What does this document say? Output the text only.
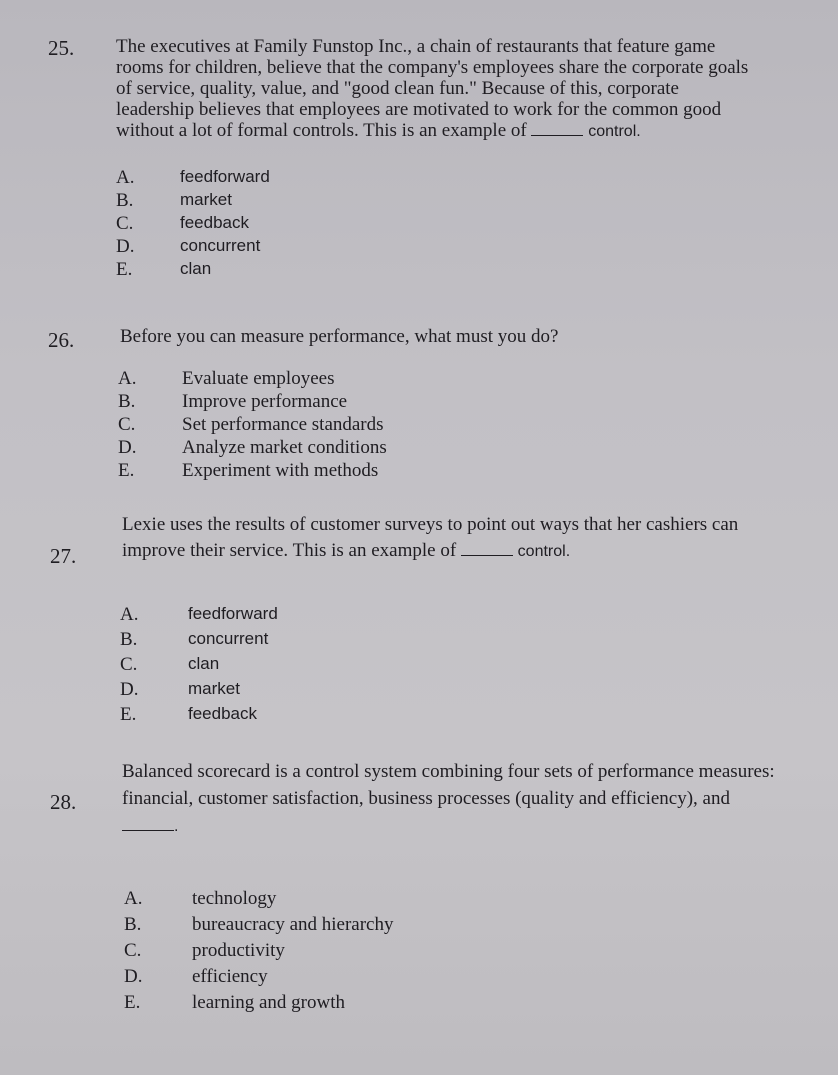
25. The executives at Family Funstop Inc., a chain of restaurants that feature game rooms for children, believe that the company's employees share the corporate goals of service, quality, value, and "good clean fun." Because of this, corporate leadership believes that employees are motivated to work for the common good without a lot of formal controls. This is an example of	control.
A.	feedforward
B.	market
C.	feedback
D.	concurrent
E.	clan
26. Before you can measure performance, what must you do?
A. Evaluate employees
B. Improve performance
C. Set performance standards
D. Analyze market conditions
E.	Experiment with methods
27.
Lexie uses the results of customer surveys to point out ways that her cashiers can improve their service. This is an example of	control.
A.	feedforward
B.	concurrent
C.	clan
D.	market
E.	feedback
28.
Balanced scorecard is a control system combining four sets of performance measures: financial, customer satisfaction, business processes (quality and efficiency), and .
A.	technology
B.	bureaucracy and hierarchy
C.	productivity
D.	efficiency
E.	learning and growth
